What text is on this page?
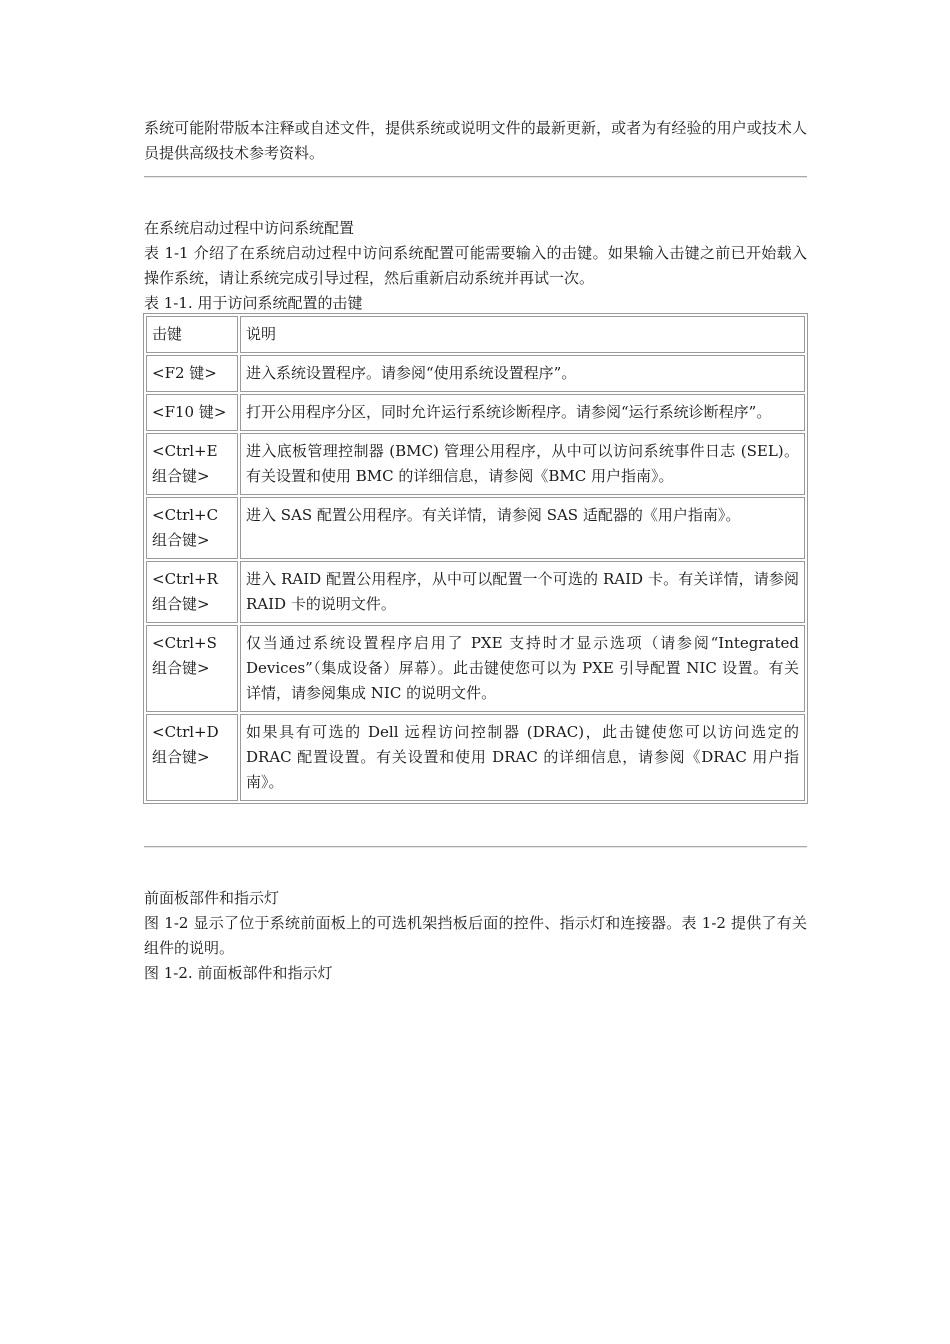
系统可能附带版本注释或自述文件，提供系统或说明文件的最新更新，或者为有经验的用户或技术人员提供高级技术参考资料。

在系统启动过程中访问系统配置

表 1-1 介绍了在系统启动过程中访问系统配置可能需要输入的击键。如果输入击键之前已开始载入操作系统，请让系统完成引导过程，然后重新启动系统并再试一次。

表 1-1. 用于访问系统配置的击键

击键	说明
<F2 键>	进入系统设置程序。请参阅“使用系统设置程序”。
<F10 键>	打开公用程序分区，同时允许运行系统诊断程序。请参阅“运行系统诊断程序”。
<Ctrl+E 组合键>	进入底板管理控制器 (BMC) 管理公用程序，从中可以访问系统事件日志 (SEL)。有关设置和使用 BMC 的详细信息，请参阅《BMC 用户指南》。
<Ctrl+C 组合键>	进入 SAS 配置公用程序。有关详情，请参阅 SAS 适配器的《用户指南》。
<Ctrl+R 组合键>	进入 RAID 配置公用程序，从中可以配置一个可选的 RAID 卡。有关详情，请参阅 RAID 卡的说明文件。
<Ctrl+S 组合键>	仅当通过系统设置程序启用了 PXE 支持时才显示选项（请参阅“Integrated Devices”（集成设备）屏幕）。此击键使您可以为 PXE 引导配置 NIC 设置。有关详情，请参阅集成 NIC 的说明文件。
<Ctrl+D 组合键>	如果具有可选的 Dell 远程访问控制器 (DRAC)，此击键使您可以访问选定的 DRAC 配置设置。有关设置和使用 DRAC 的详细信息，请参阅《DRAC 用户指南》。

前面板部件和指示灯

图 1-2 显示了位于系统前面板上的可选机架挡板后面的控件、指示灯和连接器。表 1-2 提供了有关组件的说明。

图 1-2. 前面板部件和指示灯
